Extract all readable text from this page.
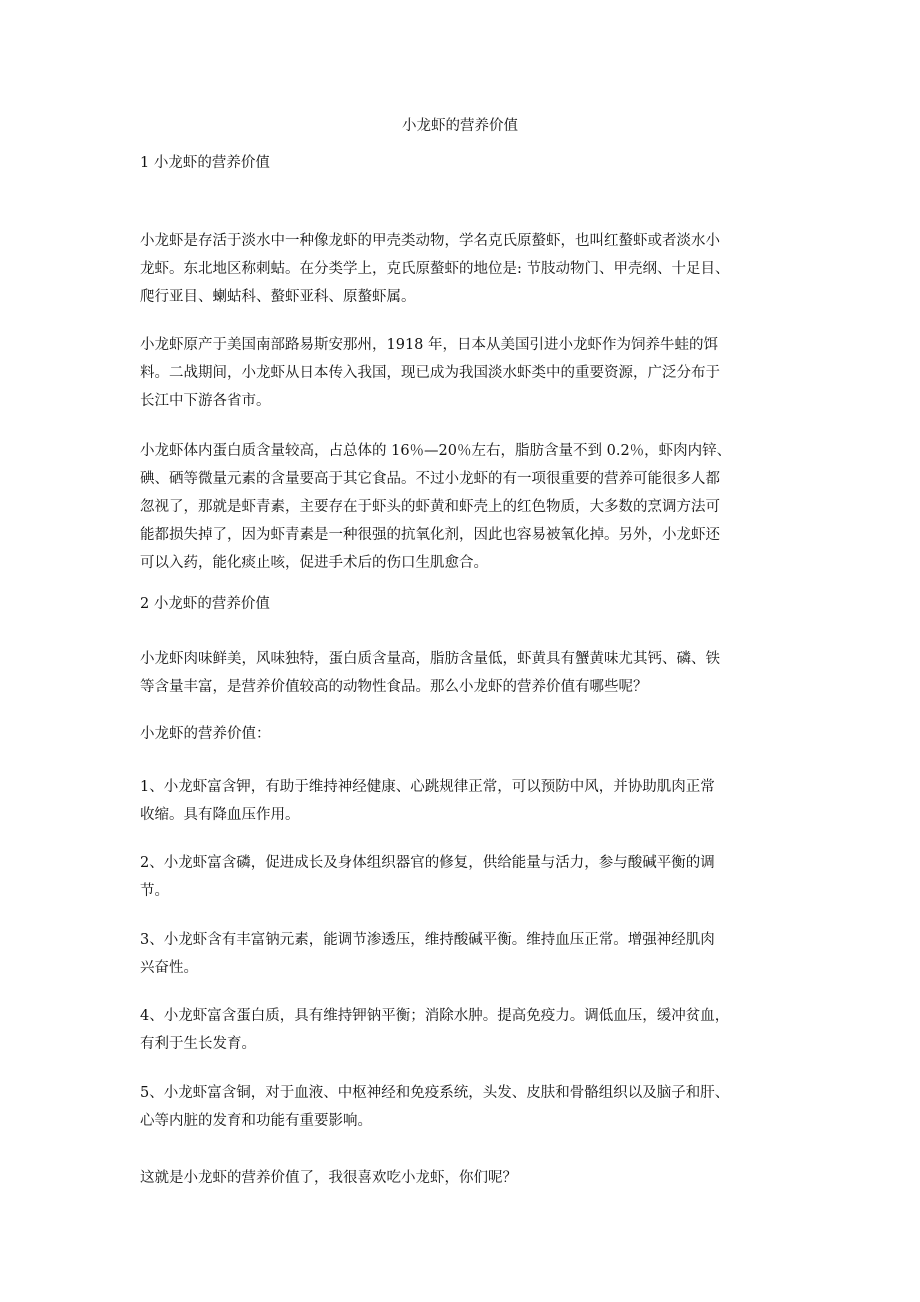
小龙虾的营养价值
1 小龙虾的营养价值
小龙虾是存活于淡水中一种像龙虾的甲壳类动物，学名克氏原螯虾，也叫红螯虾或者淡水小
龙虾。东北地区称刺蛄。在分类学上，克氏原螯虾的地位是: 节肢动物门、甲壳纲、十足目、
爬行亚目、蝲蛄科、螯虾亚科、原螯虾属。
小龙虾原产于美国南部路易斯安那州，1918 年，日本从美国引进小龙虾作为饲养牛蛙的饵
料。二战期间，小龙虾从日本传入我国，现已成为我国淡水虾类中的重要资源，广泛分布于
长江中下游各省市。
小龙虾体内蛋白质含量较高，占总体的 16％—20％左右，脂肪含量不到 0.2％，虾肉内锌、
碘、硒等微量元素的含量要高于其它食品。不过小龙虾的有一项很重要的营养可能很多人都
忽视了，那就是虾青素，主要存在于虾头的虾黄和虾壳上的红色物质，大多数的烹调方法可
能都损失掉了，因为虾青素是一种很强的抗氧化剂，因此也容易被氧化掉。另外，小龙虾还
可以入药，能化痰止咳，促进手术后的伤口生肌愈合。
2 小龙虾的营养价值
小龙虾肉味鲜美，风味独特，蛋白质含量高，脂肪含量低，虾黄具有蟹黄味尤其钙、磷、铁
等含量丰富，是营养价值较高的动物性食品。那么小龙虾的营养价值有哪些呢？
小龙虾的营养价值：
1、小龙虾富含钾，有助于维持神经健康、心跳规律正常，可以预防中风，并协助肌肉正常
收缩。具有降血压作用。
2、小龙虾富含磷，促进成长及身体组织器官的修复，供给能量与活力，参与酸碱平衡的调
节。
3、小龙虾含有丰富钠元素，能调节渗透压，维持酸碱平衡。维持血压正常。增强神经肌肉
兴奋性。
4、小龙虾富含蛋白质，具有维持钾钠平衡；消除水肿。提高免疫力。调低血压，缓冲贫血，
有利于生长发育。
5、小龙虾富含铜，对于血液、中枢神经和免疫系统，头发、皮肤和骨骼组织以及脑子和肝、
心等内脏的发育和功能有重要影响。
这就是小龙虾的营养价值了，我很喜欢吃小龙虾，你们呢？
